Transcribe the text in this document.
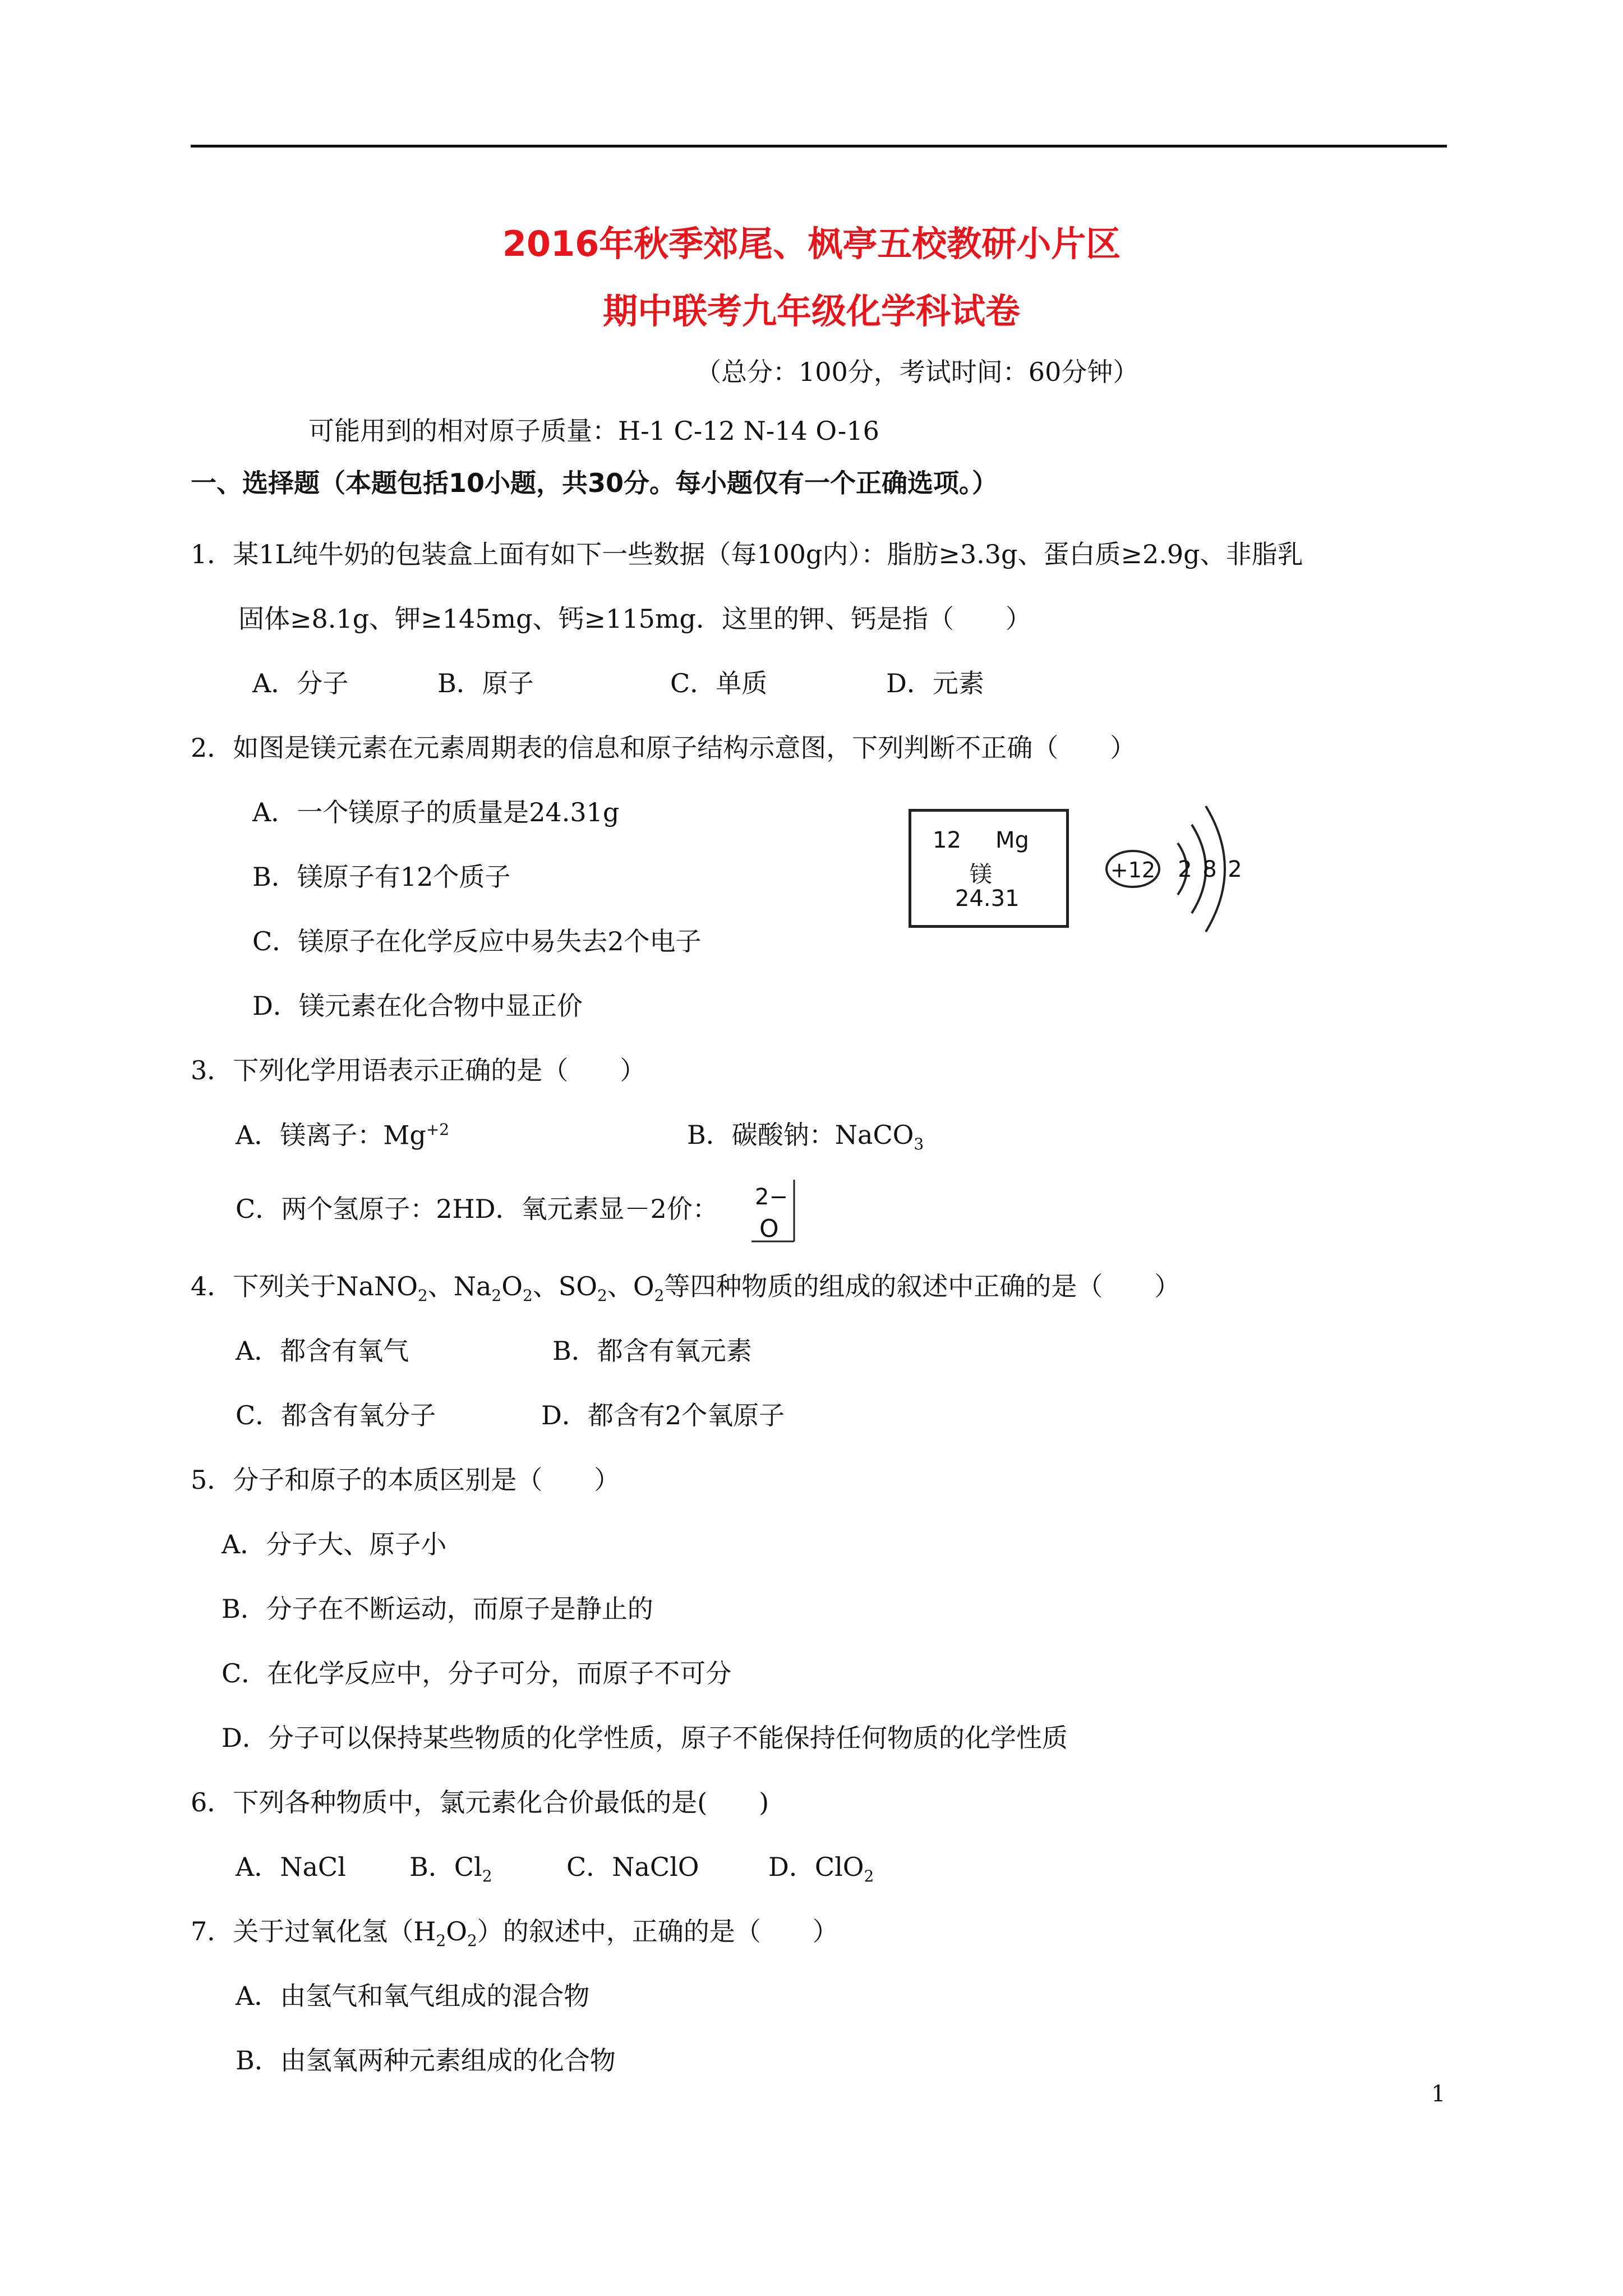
2016年秋季郊尾、枫亭五校教研小片区
期中联考九年级化学科试卷
（总分：100分，考试时间：60分钟）
可能用到的相对原子质量：H-1 C-12 N-14 O-16
一、选择题（本题包括10小题，共30分。每小题仅有一个正确选项。）
1．某1L纯牛奶的包装盒上面有如下一些数据（每100g内）：脂肪≥3.3g、蛋白质≥2.9g、非脂乳
固体≥8.1g、钾≥145mg、钙≥115mg．这里的钾、钙是指（　　）
A．分子	B．原子	C．单质	D．元素
2．如图是镁元素在元素周期表的信息和原子结构示意图，下列判断不正确（　　）
A．一个镁原子的质量是24.31g
B．镁原子有12个质子
C．镁原子在化学反应中易失去2个电子
D．镁元素在化合物中显正价
12 Mg
镁
24.31
+12 2 8 2
3．下列化学用语表示正确的是（　　）
A．镁离子：$Mg^{+2}$	B．碳酸钠：NaCO$_3$
C．两个氢原子：2HD．氧元素显－2价： 2−
O
4．下列关于NaNO$_2$、$Na_2O_2$、$SO_2$、$O_2$等四种物质的组成的叙述中正确的是（　　）
A．都含有氧气	B．都含有氧元素
C．都含有氧分子	D．都含有2个氧原子
5．分子和原子的本质区别是（　　）
A．分子大、原子小
B．分子在不断运动，而原子是静止的
C．在化学反应中，分子可分，而原子不可分
D．分子可以保持某些物质的化学性质，原子不能保持任何物质的化学性质
6．下列各种物质中，氯元素化合价最低的是(　　)
A．NaCl B．$Cl_2$	C．NaClO	D．ClO$_2$
7．关于过氧化氢$(H_2O_2)$的叙述中，正确的是（　　）
A．由氢气和氧气组成的混合物
B．由氢氧两种元素组成的化合物
1
